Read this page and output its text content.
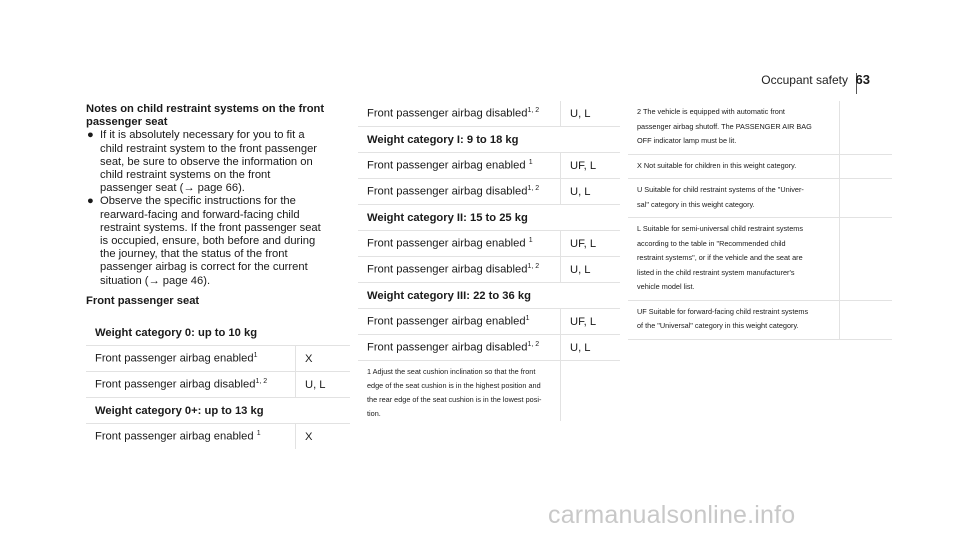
Occupant safety 63
Notes on child restraint systems on the front
passenger seat
● If it is absolutely necessary for you to fit a
child restraint system to the front passenger
seat, be sure to observe the information on
child restraint systems on the front
passenger seat (→ page 66).
● Observe the specific instructions for the
rearward-facing and forward-facing child
restraint systems. If the front passenger seat
is occupied, ensure, both before and during
the journey, that the status of the front
passenger airbag is correct for the current
situation (→ page 46).
Front passenger seat
Weight category 0: up to 10 kg	
Front passenger airbag enabled$^1$	X
Front passenger airbag disabled$^{1, 2}$	U, L
Weight category 0+: up to 13 kg	
Front passenger airbag enabled $^1$	X
Front passenger airbag disabled$^{1, 2}$	U, L
Weight category I: 9 to 18 kg	
Front passenger airbag enabled $^1$	UF, L
Front passenger airbag disabled$^{1, 2}$	U, L
Weight category II: 15 to 25 kg	
Front passenger airbag enabled $^1$	UF, L
Front passenger airbag disabled$^{1, 2}$	U, L
Weight category III: 22 to 36 kg	
Front passenger airbag enabled$^1$	UF, L
Front passenger airbag disabled$^{1, 2}$	U, L

1 Adjust the seat cushion inclination so that the front
edge of the seat cushion is in the highest position and
the rear edge of the seat cushion is in the lowest posi-
tion.	

2 The vehicle is equipped with automatic front
passenger airbag shutoff. The PASSENGER AIR BAG
OFF indicator lamp must be lit.	

X Not suitable for children in this weight category.	

U Suitable for child restraint systems of the "Univer-
sal" category in this weight category.	

L Suitable for semi-universal child restraint systems
according to the table in "Recommended child
restraint systems", or if the vehicle and the seat are
listed in the child restraint system manufacturer's
vehicle model list.	

UF Suitable for forward-facing child restraint systems
of the "Universal" category in this weight category.	

carmanualsonline.info
